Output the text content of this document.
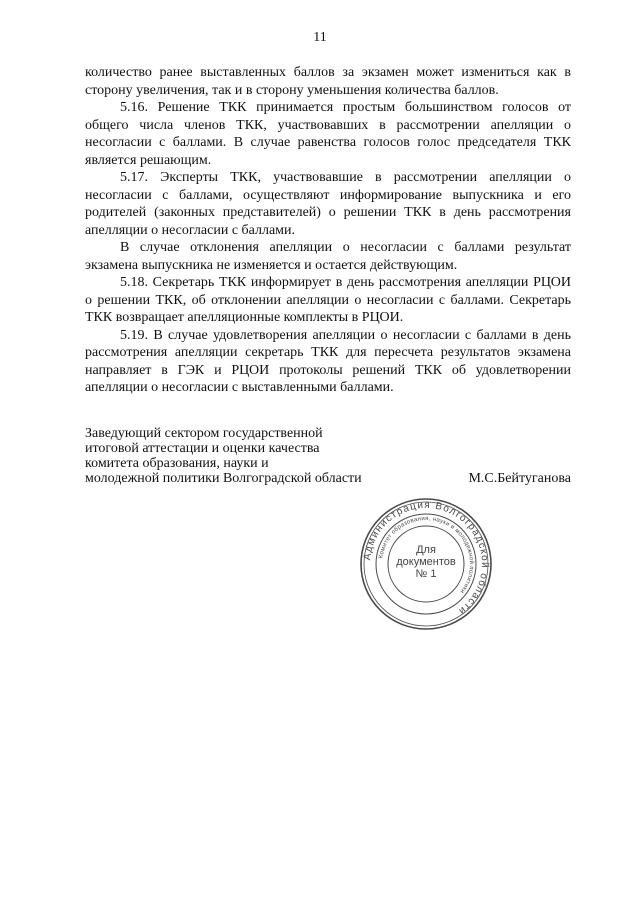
11

количество ранее выставленных баллов за экзамен может измениться как в сторону увеличения, так и в сторону уменьшения количества баллов.

5.16. Решение ТКК принимается простым большинством голосов от общего числа членов ТКК, участвовавших в рассмотрении апелляции о несогласии с баллами. В случае равенства голосов голос председателя ТКК является решающим.

5.17. Эксперты ТКК, участвовавшие в рассмотрении апелляции о несогласии с баллами, осуществляют информирование выпускника и его родителей (законных представителей) о решении ТКК в день рассмотрения апелляции о несогласии с баллами.

В случае отклонения апелляции о несогласии с баллами результат экзамена выпускника не изменяется и остается действующим.

5.18. Секретарь ТКК информирует в день рассмотрения апелляции РЦОИ о решении ТКК, об отклонении апелляции о несогласии с баллами. Секретарь ТКК возвращает апелляционные комплекты в РЦОИ.

5.19. В случае удовлетворения апелляции о несогласии с баллами в день рассмотрения апелляции секретарь ТКК для пересчета результатов экзамена направляет в ГЭК и РЦОИ протоколы решений ТКК об удовлетворении апелляции о несогласии с выставленными баллами.

Заведующий сектором государственной
итоговой аттестации и оценки качества
комитета образования, науки и
молодежной политики Волгоградской области	М.С.Бейтуганова
Администрация Волгоградской области
Комитет образования, науки и молодежной политики
Для
документов
№ 1
